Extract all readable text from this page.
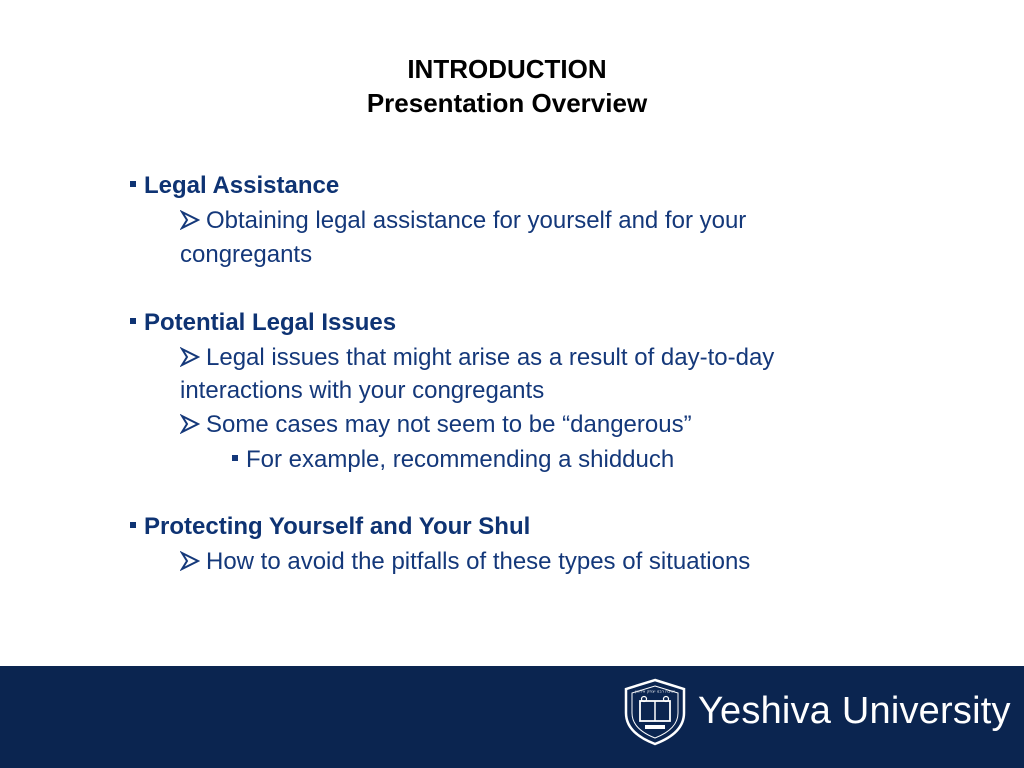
INTRODUCTION
Presentation Overview
Legal Assistance
Obtaining legal assistance for yourself and for your
congregants
Potential Legal Issues
Legal issues that might arise as a result of day-to-day
interactions with your congregants
Some cases may not seem to be “dangerous”
For example, recommending a shidduch
Protecting Yourself and Your Shul
How to avoid the pitfalls of these types of situations
ישיבת רבנו יצחק אלחנן Yeshiva University
